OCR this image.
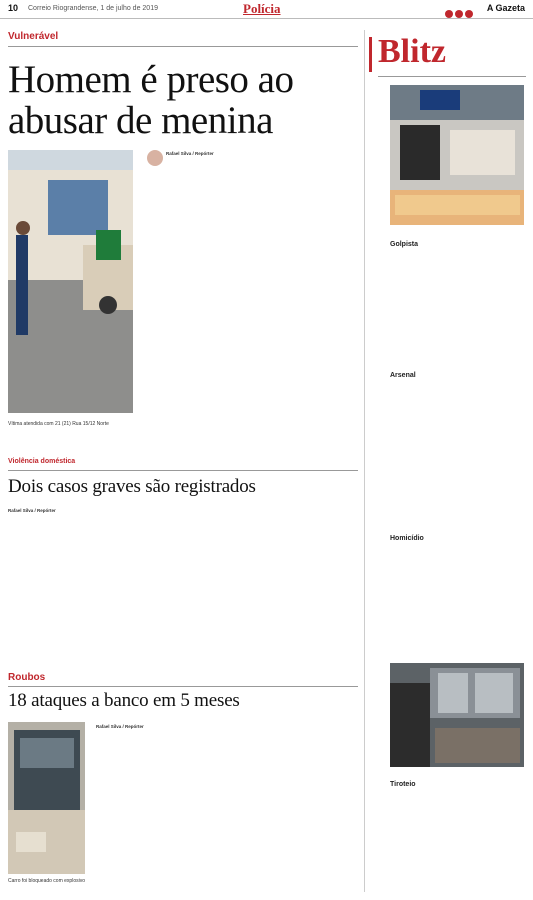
10 Correio Riograndense, 1 de julho de 2019	Polícia	A Gazeta
Vulnerável
Homem é preso ao abusar de menina
Vítima atendida com 21 (21) Rua 15/12 Norte
Rafael Silva / Repórter

Violência doméstica
Dois casos graves são registrados
Rafael Silva / Repórter

Roubos
18 ataques a banco em 5 meses
Carro foi bloqueado com explosivo
Rafael Silva / Repórter

Blitz
Golpista

Arsenal

Homicídio

Tiroteio
